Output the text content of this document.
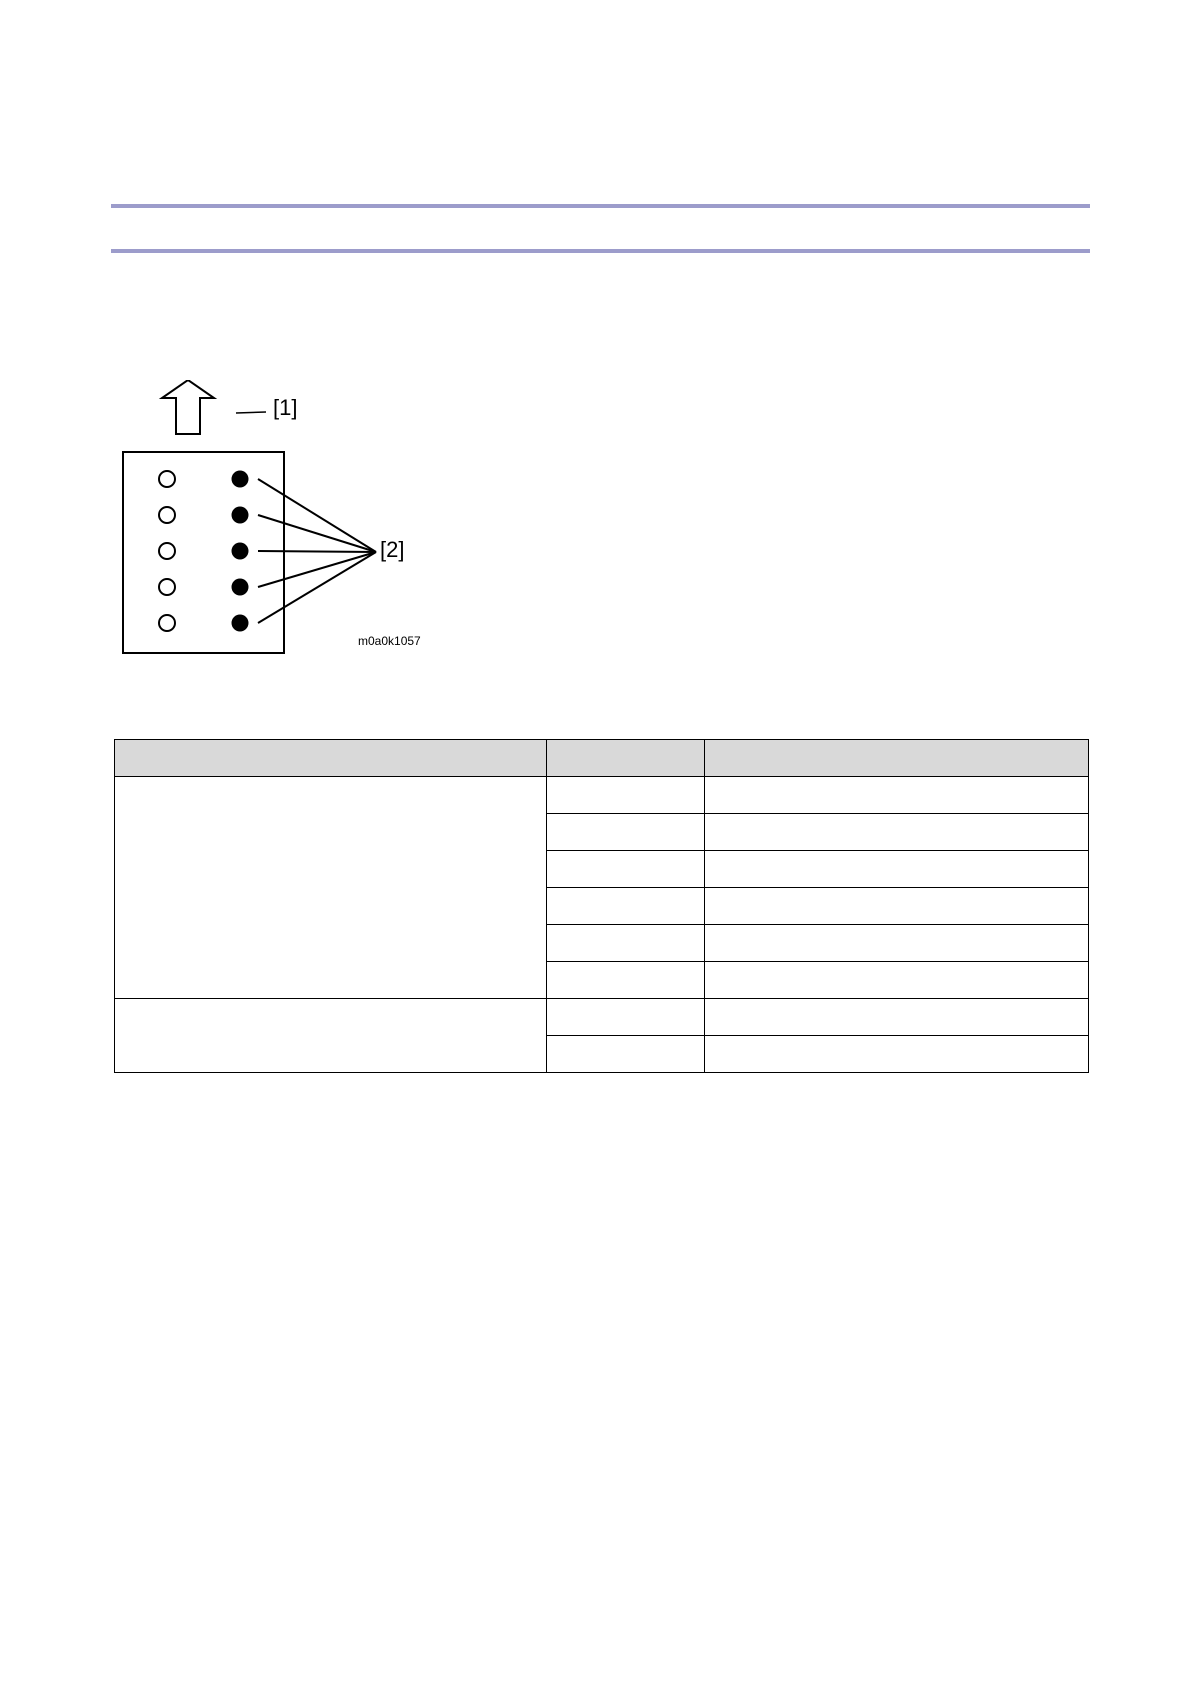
[1]
[2]
m0a0k1057
